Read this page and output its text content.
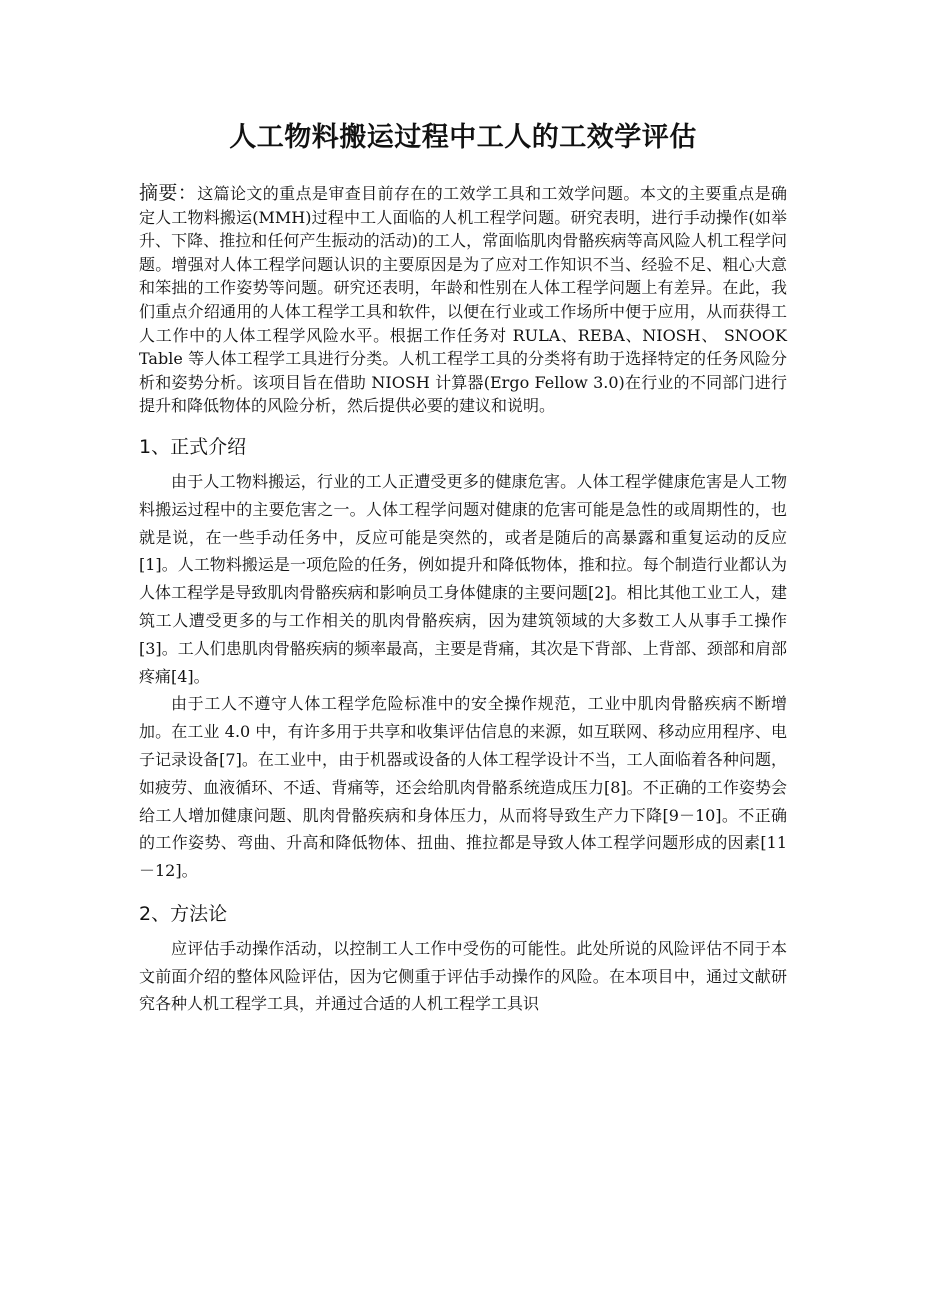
人工物料搬运过程中工人的工效学评估

摘要：这篇论文的重点是审查目前存在的工效学工具和工效学问题。本文的主要重点是确定人工物料搬运(MMH)过程中工人面临的人机工程学问题。研究表明，进行手动操作(如举升、下降、推拉和任何产生振动的活动)的工人，常面临肌肉骨骼疾病等高风险人机工程学问题。增强对人体工程学问题认识的主要原因是为了应对工作知识不当、经验不足、粗心大意和笨拙的工作姿势等问题。研究还表明，年龄和性别在人体工程学问题上有差异。在此，我们重点介绍通用的人体工程学工具和软件，以便在行业或工作场所中便于应用，从而获得工人工作中的人体工程学风险水平。根据工作任务对 RULA、REBA、NIOSH、 SNOOK Table 等人体工程学工具进行分类。人机工程学工具的分类将有助于选择特定的任务风险分析和姿势分析。该项目旨在借助 NIOSH 计算器(Ergo Fellow 3.0)在行业的不同部门进行提升和降低物体的风险分析，然后提供必要的建议和说明。

1、正式介绍

由于人工物料搬运，行业的工人正遭受更多的健康危害。人体工程学健康危害是人工物料搬运过程中的主要危害之一。人体工程学问题对健康的危害可能是急性的或周期性的，也就是说，在一些手动任务中，反应可能是突然的，或者是随后的高暴露和重复运动的反应[1]。人工物料搬运是一项危险的任务，例如提升和降低物体，推和拉。每个制造行业都认为人体工程学是导致肌肉骨骼疾病和影响员工身体健康的主要问题[2]。相比其他工业工人，建筑工人遭受更多的与工作相关的肌肉骨骼疾病，因为建筑领域的大多数工人从事手工操作[3]。工人们患肌肉骨骼疾病的频率最高，主要是背痛，其次是下背部、上背部、颈部和肩部疼痛[4]。

由于工人不遵守人体工程学危险标准中的安全操作规范，工业中肌肉骨骼疾病不断增加。在工业 4.0 中，有许多用于共享和收集评估信息的来源，如互联网、移动应用程序、电子记录设备[7]。在工业中，由于机器或设备的人体工程学设计不当，工人面临着各种问题，如疲劳、血液循环、不适、背痛等，还会给肌肉骨骼系统造成压力[8]。不正确的工作姿势会给工人增加健康问题、肌肉骨骼疾病和身体压力，从而将导致生产力下降[9－10]。不正确的工作姿势、弯曲、升高和降低物体、扭曲、推拉都是导致人体工程学问题形成的因素[11－12]。

2、方法论

应评估手动操作活动，以控制工人工作中受伤的可能性。此处所说的风险评估不同于本文前面介绍的整体风险评估，因为它侧重于评估手动操作的风险。在本项目中，通过文献研究各种人机工程学工具，并通过合适的人机工程学工具识
